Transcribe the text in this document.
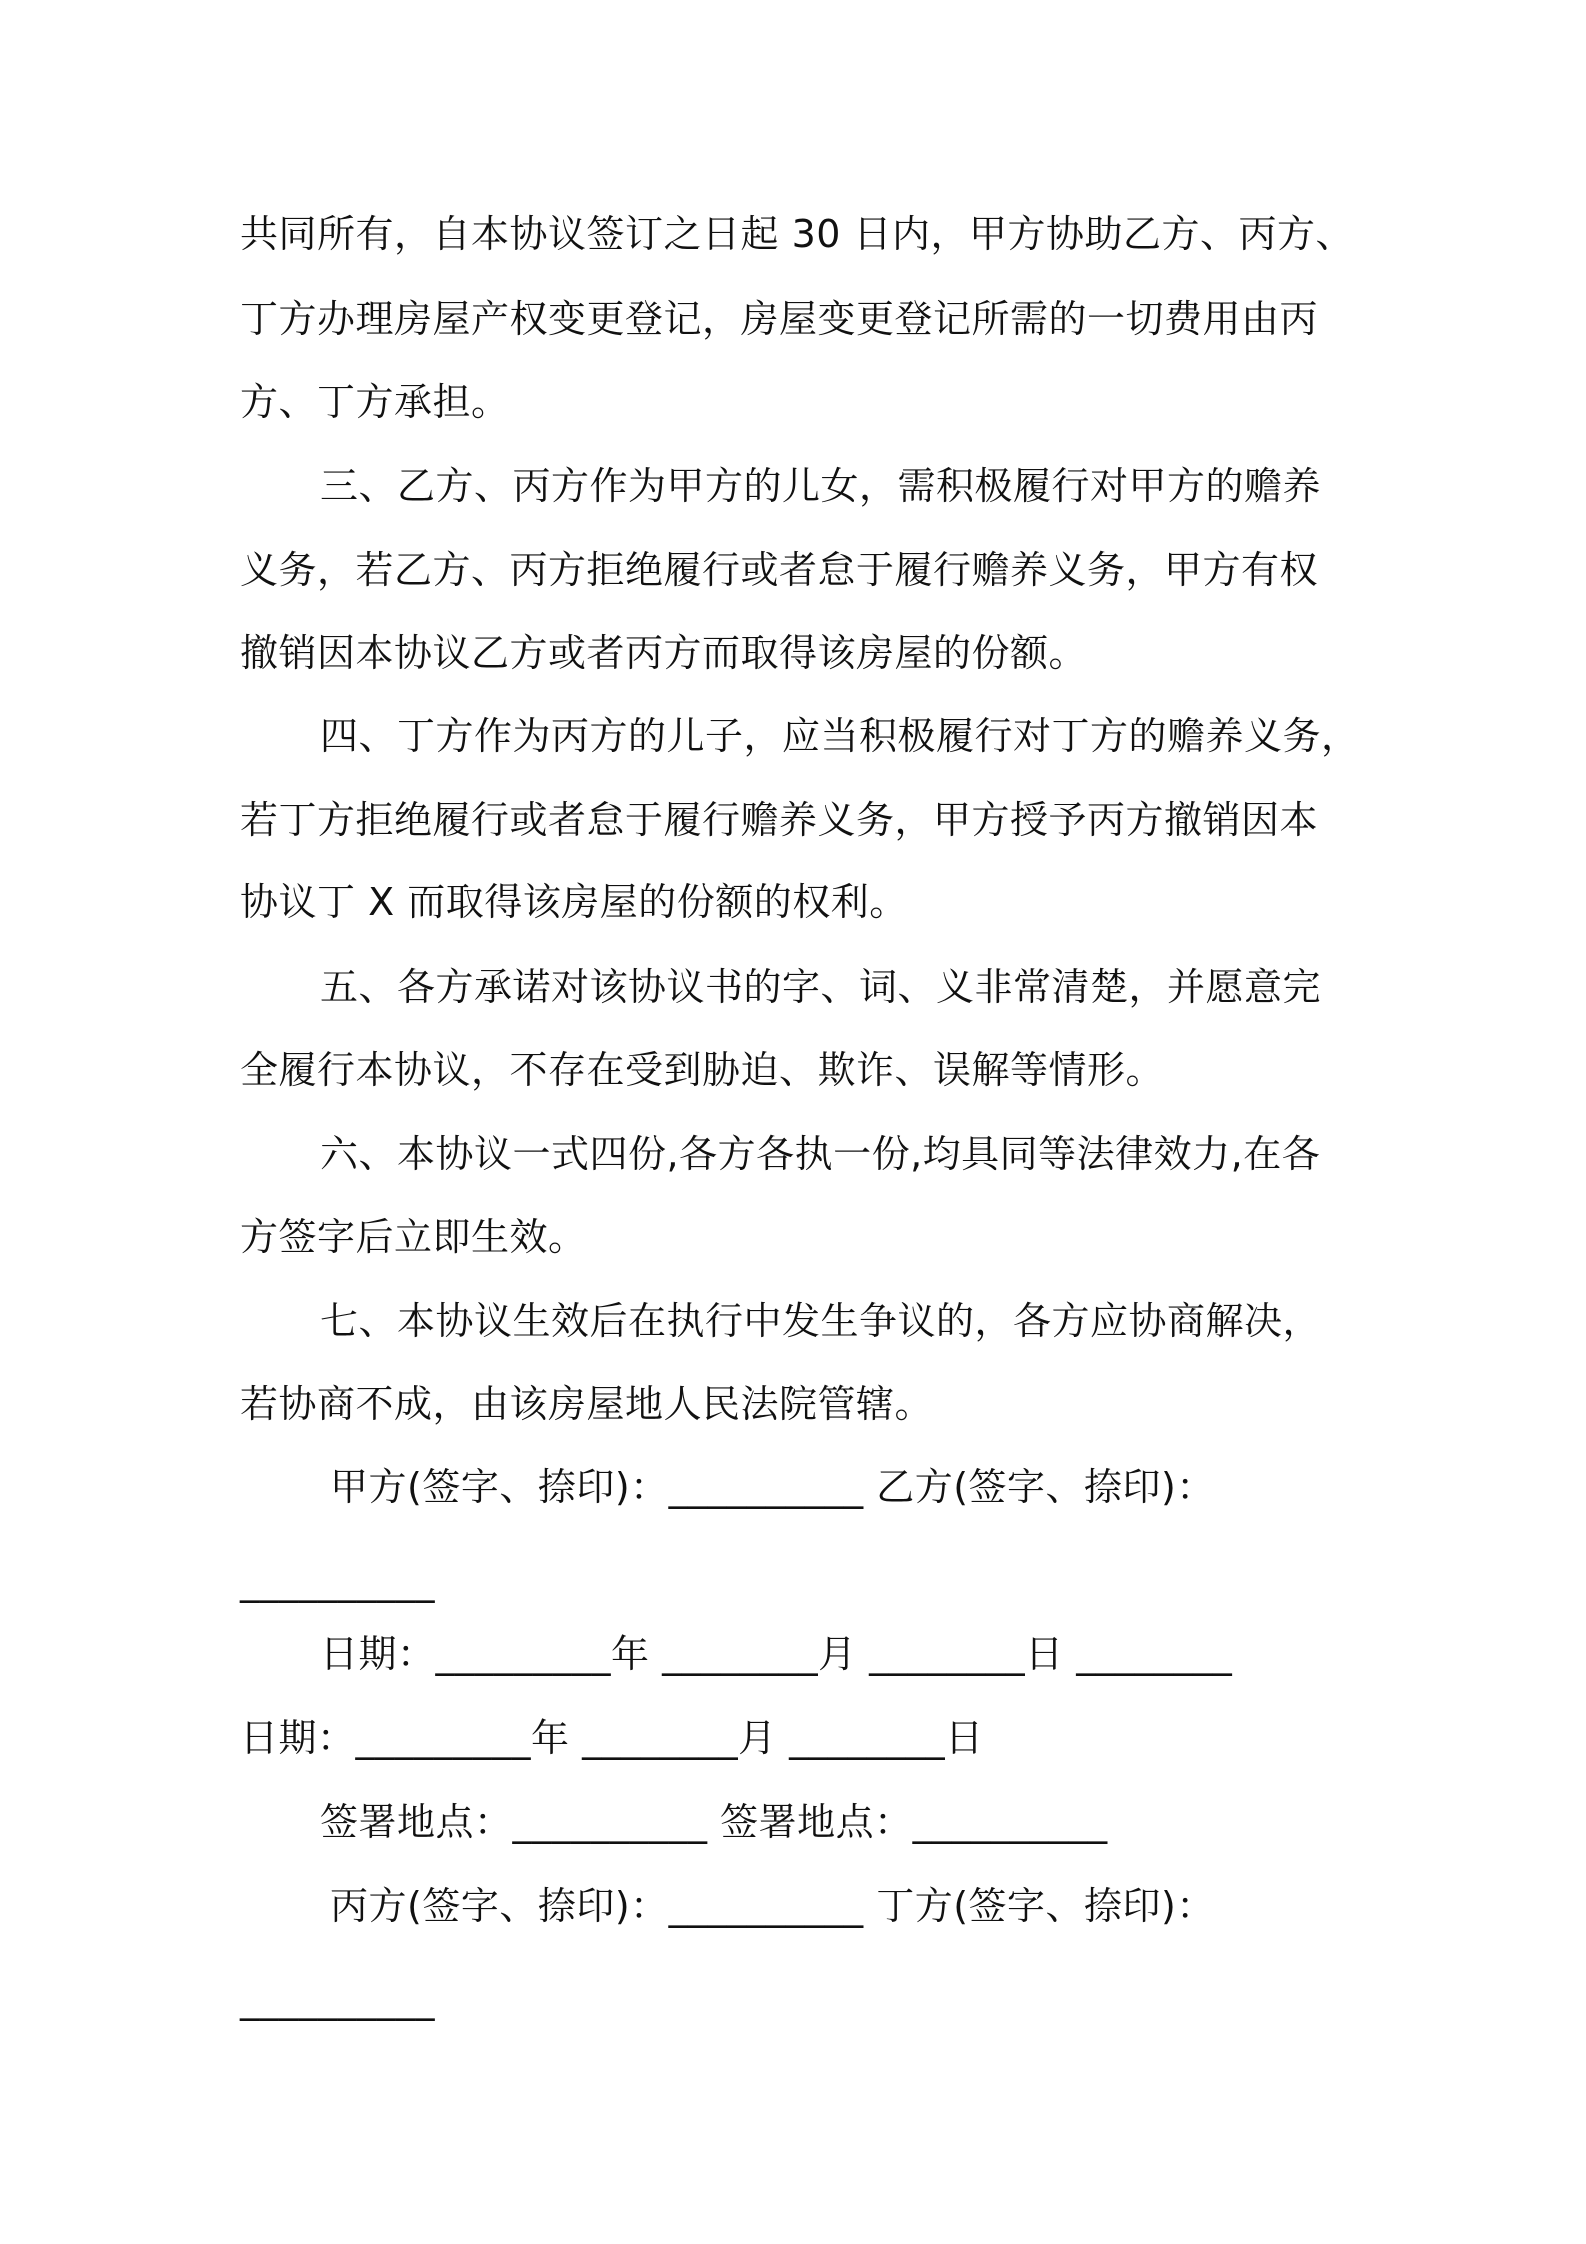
共同所有，自本协议签订之日起 30 日内，甲方协助乙方、丙方、
丁方办理房屋产权变更登记，房屋变更登记所需的一切费用由丙
方、丁方承担。
三、乙方、丙方作为甲方的儿女，需积极履行对甲方的赡养
义务，若乙方、丙方拒绝履行或者怠于履行赡养义务，甲方有权
撤销因本协议乙方或者丙方而取得该房屋的份额。
四、丁方作为丙方的儿子，应当积极履行对丁方的赡养义务，
若丁方拒绝履行或者怠于履行赡养义务，甲方授予丙方撤销因本
协议丁 X 而取得该房屋的份额的权利。
五、各方承诺对该协议书的字、词、义非常清楚，并愿意完
全履行本协议，不存在受到胁迫、欺诈、误解等情形。
六、本协议一式四份,各方各执一份,均具同等法律效力,在各
方签字后立即生效。
七、本协议生效后在执行中发生争议的，各方应协商解决，
若协商不成，由该房屋地人民法院管辖。
甲方(签字、捺印)：__________ 乙方(签字、捺印)：
__________
日期：_________年 ________月 ________日 ________
日期：_________年 ________月 ________日
签署地点：__________ 签署地点：__________
丙方(签字、捺印)：__________ 丁方(签字、捺印)：
__________
